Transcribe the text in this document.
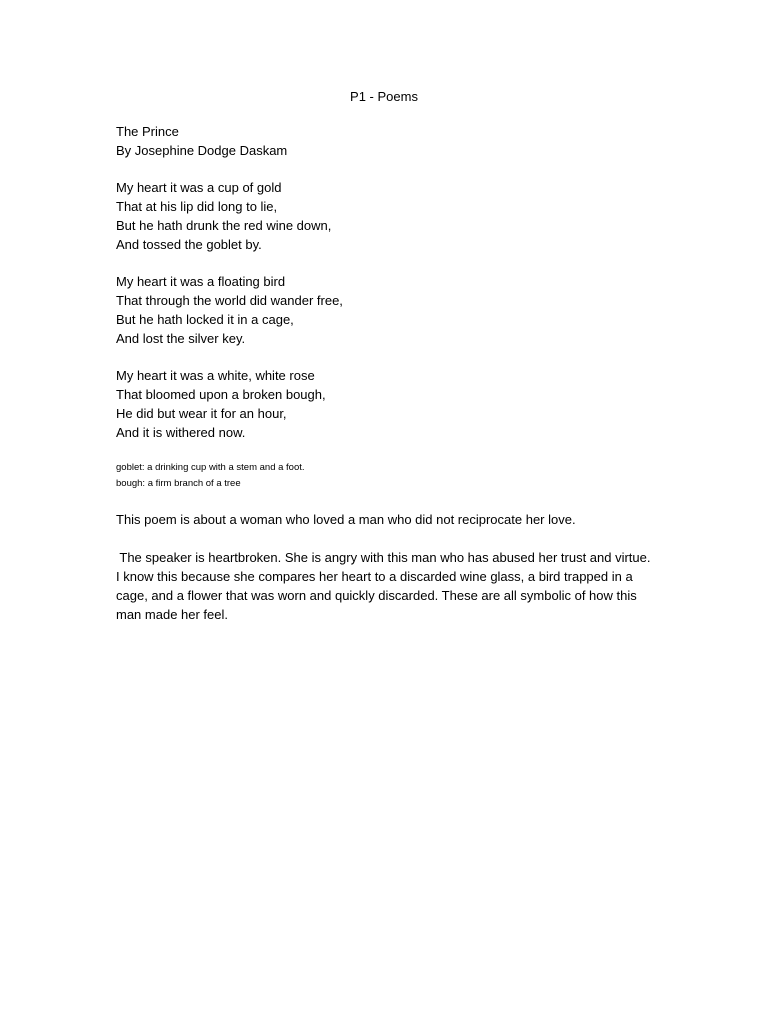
P1 - Poems
The Prince
By Josephine Dodge Daskam
My heart it was a cup of gold
That at his lip did long to lie,
But he hath drunk the red wine down,
And tossed the goblet by.
My heart it was a floating bird
That through the world did wander free,
But he hath locked it in a cage,
And lost the silver key.
My heart it was a white, white rose
That bloomed upon a broken bough,
He did but wear it for an hour,
And it is withered now.
goblet: a drinking cup with a stem and a foot.
bough: a firm branch of a tree
This poem is about a woman who loved a man who did not reciprocate her love.
The speaker is heartbroken. She is angry with this man who has abused her trust and virtue.
I know this because she compares her heart to a discarded wine glass, a bird trapped in a
cage, and a flower that was worn and quickly discarded. These are all symbolic of how this
man made her feel.
